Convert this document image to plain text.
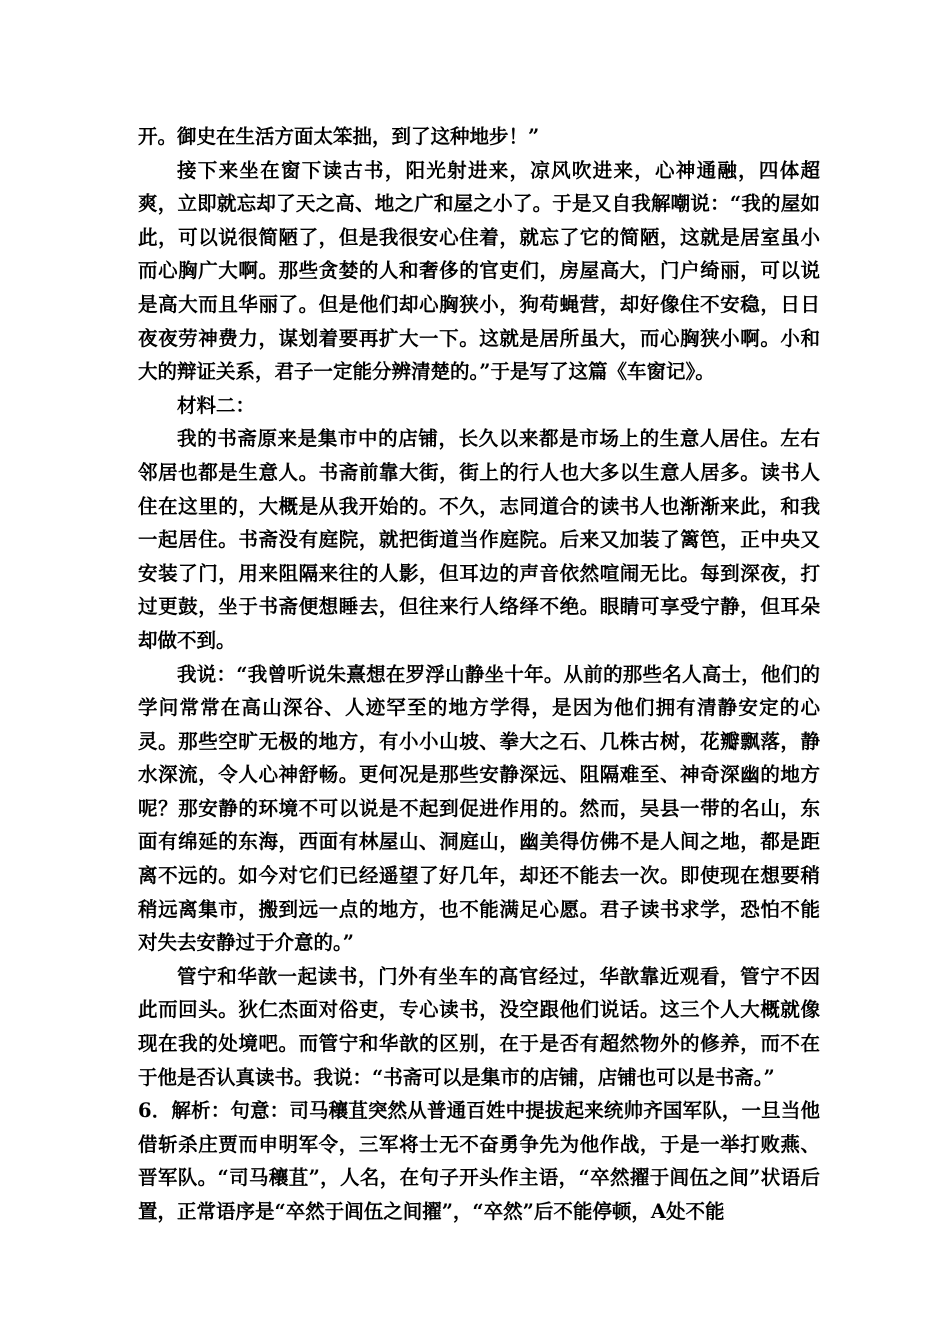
开。御史在生活方面太笨拙，到了这种地步！”

接下来坐在窗下读古书，阳光射进来，凉风吹进来，心神通融，四体超爽，立即就忘却了天之高、地之广和屋之小了。于是又自我解嘲说：“我的屋如此，可以说很简陋了，但是我很安心住着，就忘了它的简陋，这就是居室虽小而心胸广大啊。那些贪婪的人和奢侈的官吏们，房屋高大，门户绮丽，可以说是高大而且华丽了。但是他们却心胸狭小，狗苟蝇营，却好像住不安稳，日日夜夜劳神费力，谋划着要再扩大一下。这就是居所虽大，而心胸狭小啊。小和大的辩证关系，君子一定能分辨清楚的。”于是写了这篇《车窗记》。

材料二：

我的书斋原来是集市中的店铺，长久以来都是市场上的生意人居住。左右邻居也都是生意人。书斋前靠大街，街上的行人也大多以生意人居多。读书人住在这里的，大概是从我开始的。不久，志同道合的读书人也渐渐来此，和我一起居住。书斋没有庭院，就把街道当作庭院。后来又加装了篱笆，正中央又安装了门，用来阻隔来往的人影，但耳边的声音依然喧闹无比。每到深夜，打过更鼓，坐于书斋便想睡去，但往来行人络绎不绝。眼睛可享受宁静，但耳朵却做不到。

我说：“我曾听说朱熹想在罗浮山静坐十年。从前的那些名人高士，他们的学问常常在高山深谷、人迹罕至的地方学得，是因为他们拥有清静安定的心灵。那些空旷无极的地方，有小小山坡、拳大之石、几株古树，花瓣飘落，静水深流，令人心神舒畅。更何况是那些安静深远、阻隔难至、神奇深幽的地方呢？那安静的环境不可以说是不起到促进作用的。然而，吴县一带的名山，东面有绵延的东海，西面有林屋山、洞庭山，幽美得仿佛不是人间之地，都是距离不远的。如今对它们已经遥望了好几年，却还不能去一次。即使现在想要稍稍远离集市，搬到远一点的地方，也不能满足心愿。君子读书求学，恐怕不能对失去安静过于介意的。”

管宁和华歆一起读书，门外有坐车的高官经过，华歆靠近观看，管宁不因此而回头。狄仁杰面对俗吏，专心读书，没空跟他们说话。这三个人大概就像现在我的处境吧。而管宁和华歆的区别，在于是否有超然物外的修养，而不在于他是否认真读书。我说：“书斋可以是集市的店铺，店铺也可以是书斋。”

6．解析：句意：司马穰苴突然从普通百姓中提拔起来统帅齐国军队，一旦当他借斩杀庄贾而申明军令，三军将士无不奋勇争先为他作战，于是一举打败燕、晋军队。“司马穰苴”，人名，在句子开头作主语，“卒然擢于闾伍之间”状语后置，正常语序是“卒然于闾伍之间擢”，“卒然”后不能停顿，A处不能
